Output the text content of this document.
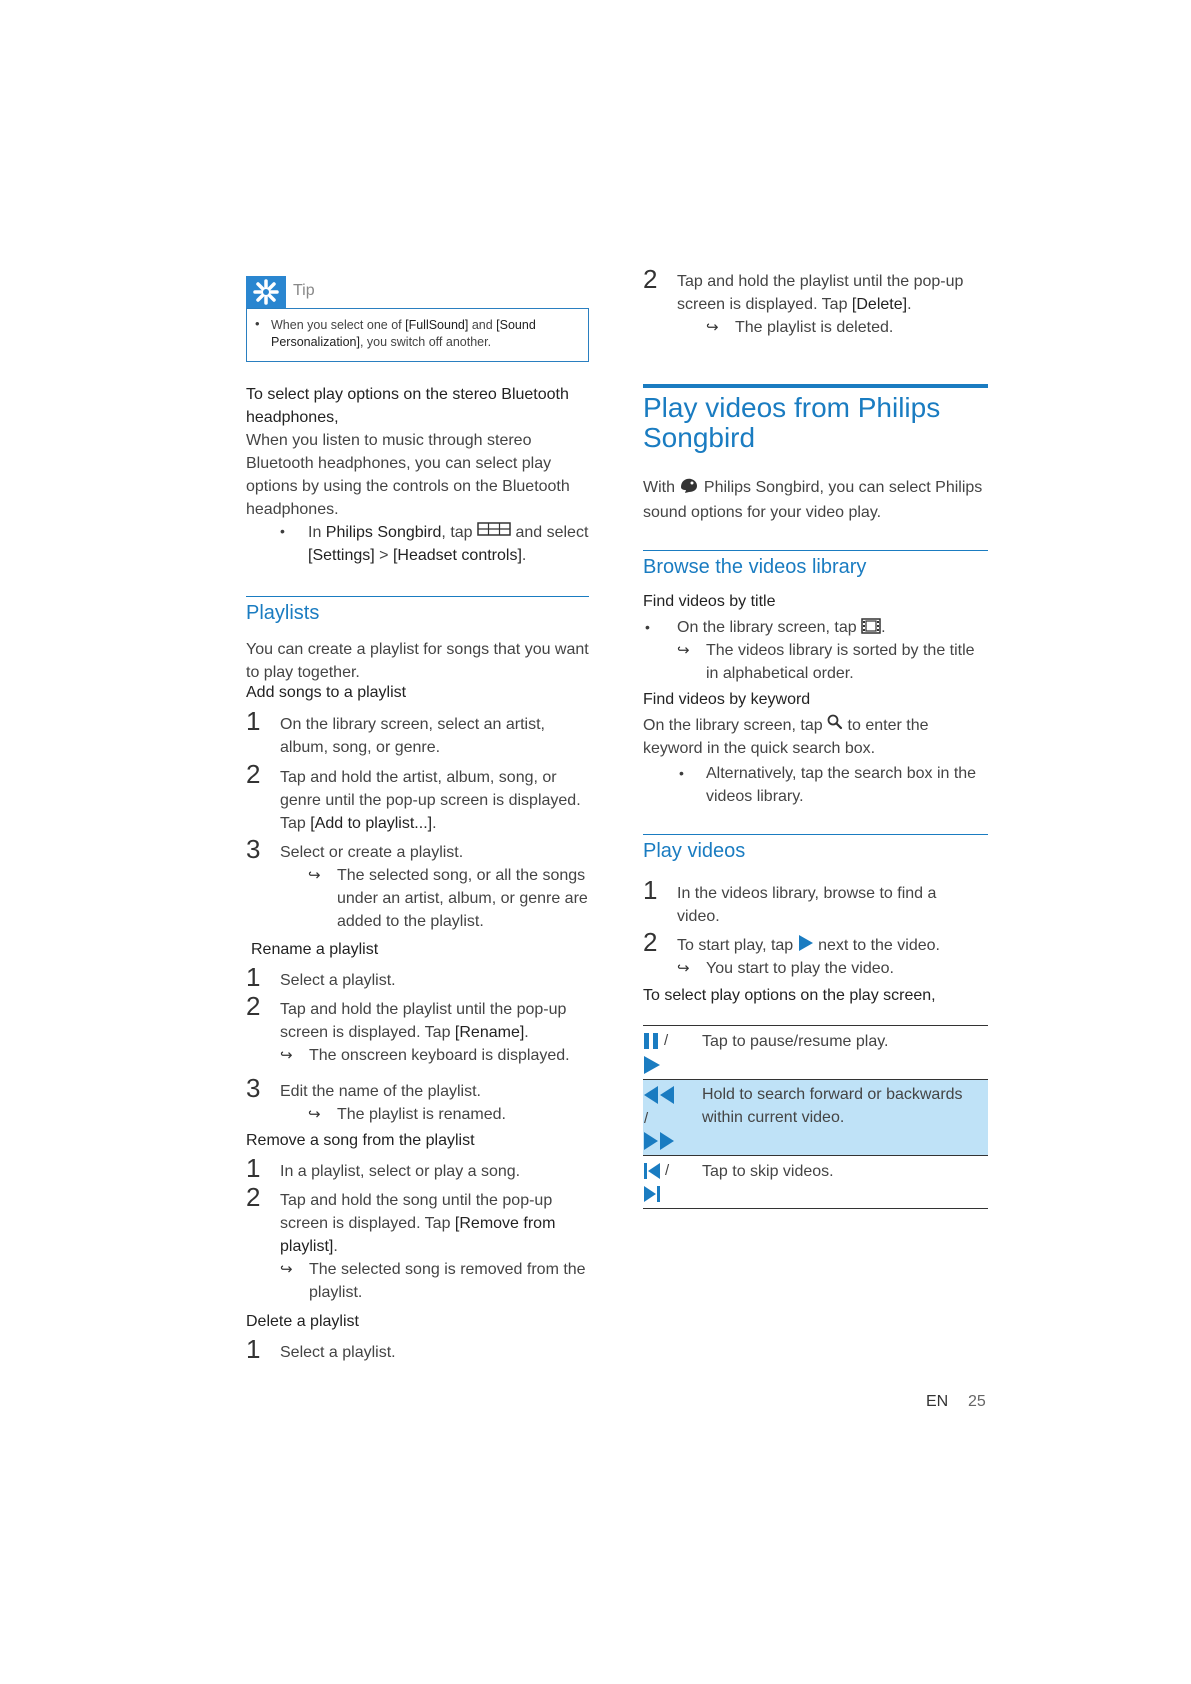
Tip
• When you select one of [FullSound] and [Sound Personalization], you switch off another.
To select play options on the stereo Bluetooth headphones,
When you listen to music through stereo Bluetooth headphones, you can select play options by using the controls on the Bluetooth headphones.
• In Philips Songbird, tap  and select [Settings] > [Headset controls].
Playlists
You can create a playlist for songs that you want to play together.
Add songs to a playlist
1 On the library screen, select an artist, album, song, or genre.
2 Tap and hold the artist, album, song, or genre until the pop-up screen is displayed. Tap [Add to playlist...].
3 Select or create a playlist.
↪ The selected song, or all the songs under an artist, album, or genre are added to the playlist.
Rename a playlist
1 Select a playlist.
2 Tap and hold the playlist until the pop-up screen is displayed. Tap [Rename].
↪ The onscreen keyboard is displayed.
3 Edit the name of the playlist.
↪ The playlist is renamed.
Remove a song from the playlist
1 In a playlist, select or play a song.
2 Tap and hold the song until the pop-up screen is displayed. Tap [Remove from playlist].
↪ The selected song is removed from the playlist.
Delete a playlist
1 Select a playlist.
2 Tap and hold the playlist until the pop-up screen is displayed. Tap [Delete].
↪ The playlist is deleted.
Play videos from Philips Songbird
With  Philips Songbird, you can select Philips sound options for your video play.
Browse the videos library
Find videos by title
• On the library screen, tap .
↪ The videos library is sorted by the title in alphabetical order.
Find videos by keyword
On the library screen, tap  to enter the keyword in the quick search box.
• Alternatively, tap the search box in the videos library.
Play videos
1 In the videos library, browse to find a video.
2 To start play, tap  next to the video.
↪ You start to play the video.
To select play options on the play screen,
/ Tap to pause/resume play.
/
Hold to search forward or backwards within current video.
/ Tap to skip videos.
EN 25
